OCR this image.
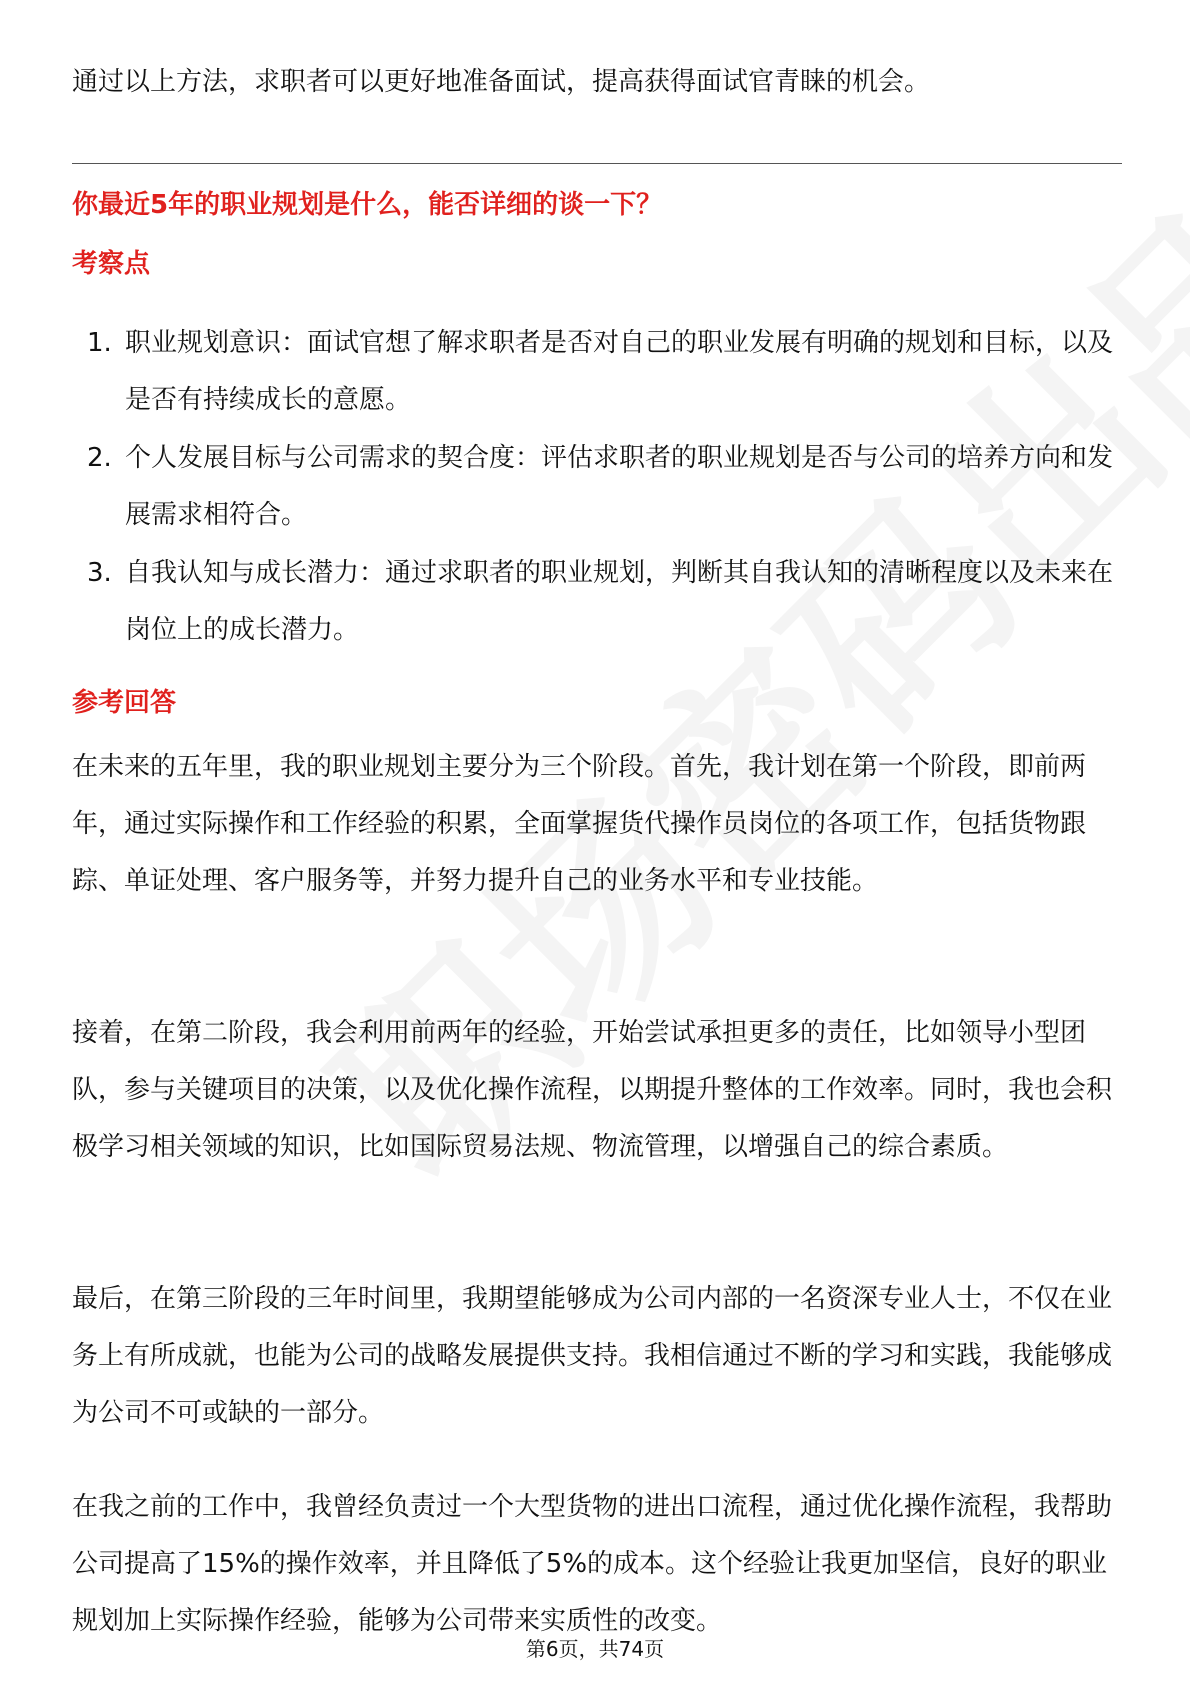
通过以上方法，求职者可以更好地准备面试，提高获得面试官青睐的机会。

你最近5年的职业规划是什么，能否详细的谈一下？
考察点
1. 职业规划意识：面试官想了解求职者是否对自己的职业发展有明确的规划和目标，以及是否有持续成长的意愿。
2. 个人发展目标与公司需求的契合度：评估求职者的职业规划是否与公司的培养方向和发展需求相符合。
3. 自我认知与成长潜力：通过求职者的职业规划，判断其自我认知的清晰程度以及未来在岗位上的成长潜力。
参考回答

在未来的五年里，我的职业规划主要分为三个阶段。首先，我计划在第一个阶段，即前两年，通过实际操作和工作经验的积累，全面掌握货代操作员岗位的各项工作，包括货物跟踪、单证处理、客户服务等，并努力提升自己的业务水平和专业技能。

接着，在第二阶段，我会利用前两年的经验，开始尝试承担更多的责任，比如领导小型团队，参与关键项目的决策，以及优化操作流程，以期提升整体的工作效率。同时，我也会积极学习相关领域的知识，比如国际贸易法规、物流管理，以增强自己的综合素质。

最后，在第三阶段的三年时间里，我期望能够成为公司内部的一名资深专业人士，不仅在业务上有所成就，也能为公司的战略发展提供支持。我相信通过不断的学习和实践，我能够成为公司不可或缺的一部分。

在我之前的工作中，我曾经负责过一个大型货物的进出口流程，通过优化操作流程，我帮助公司提高了15%的操作效率，并且降低了5%的成本。这个经验让我更加坚信，良好的职业规划加上实际操作经验，能够为公司带来实质性的改变。

第6页，共74页
